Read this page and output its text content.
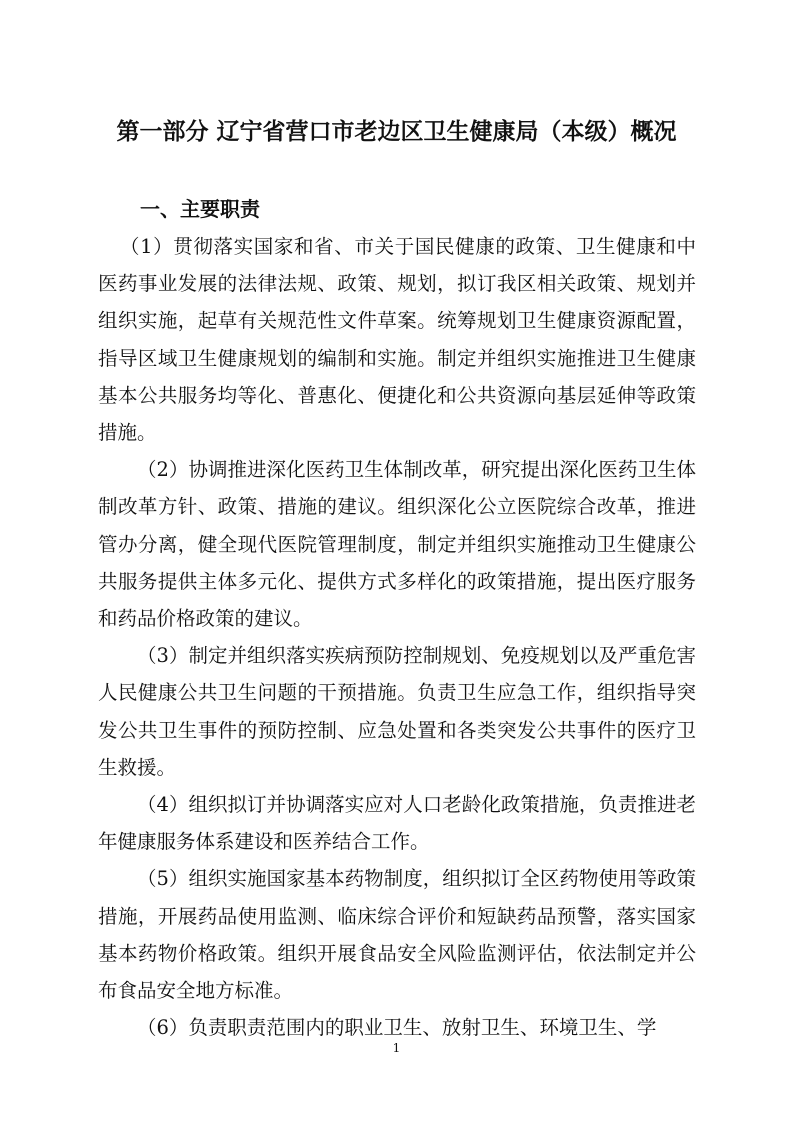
第一部分 辽宁省营口市老边区卫生健康局（本级）概况
一、主要职责

（1）贯彻落实国家和省、市关于国民健康的政策、卫生健康和中医药事业发展的法律法规、政策、规划，拟订我区相关政策、规划并组织实施，起草有关规范性文件草案。统筹规划卫生健康资源配置，指导区域卫生健康规划的编制和实施。制定并组织实施推进卫生健康基本公共服务均等化、普惠化、便捷化和公共资源向基层延伸等政策措施。

（2）协调推进深化医药卫生体制改革，研究提出深化医药卫生体制改革方针、政策、措施的建议。组织深化公立医院综合改革，推进管办分离，健全现代医院管理制度，制定并组织实施推动卫生健康公共服务提供主体多元化、提供方式多样化的政策措施，提出医疗服务和药品价格政策的建议。

（3）制定并组织落实疾病预防控制规划、免疫规划以及严重危害人民健康公共卫生问题的干预措施。负责卫生应急工作，组织指导突发公共卫生事件的预防控制、应急处置和各类突发公共事件的医疗卫生救援。

（4）组织拟订并协调落实应对人口老龄化政策措施，负责推进老年健康服务体系建设和医养结合工作。

（5）组织实施国家基本药物制度，组织拟订全区药物使用等政策措施，开展药品使用监测、临床综合评价和短缺药品预警，落实国家基本药物价格政策。组织开展食品安全风险监测评估，依法制定并公布食品安全地方标准。

（6）负责职责范围内的职业卫生、放射卫生、环境卫生、学

1
